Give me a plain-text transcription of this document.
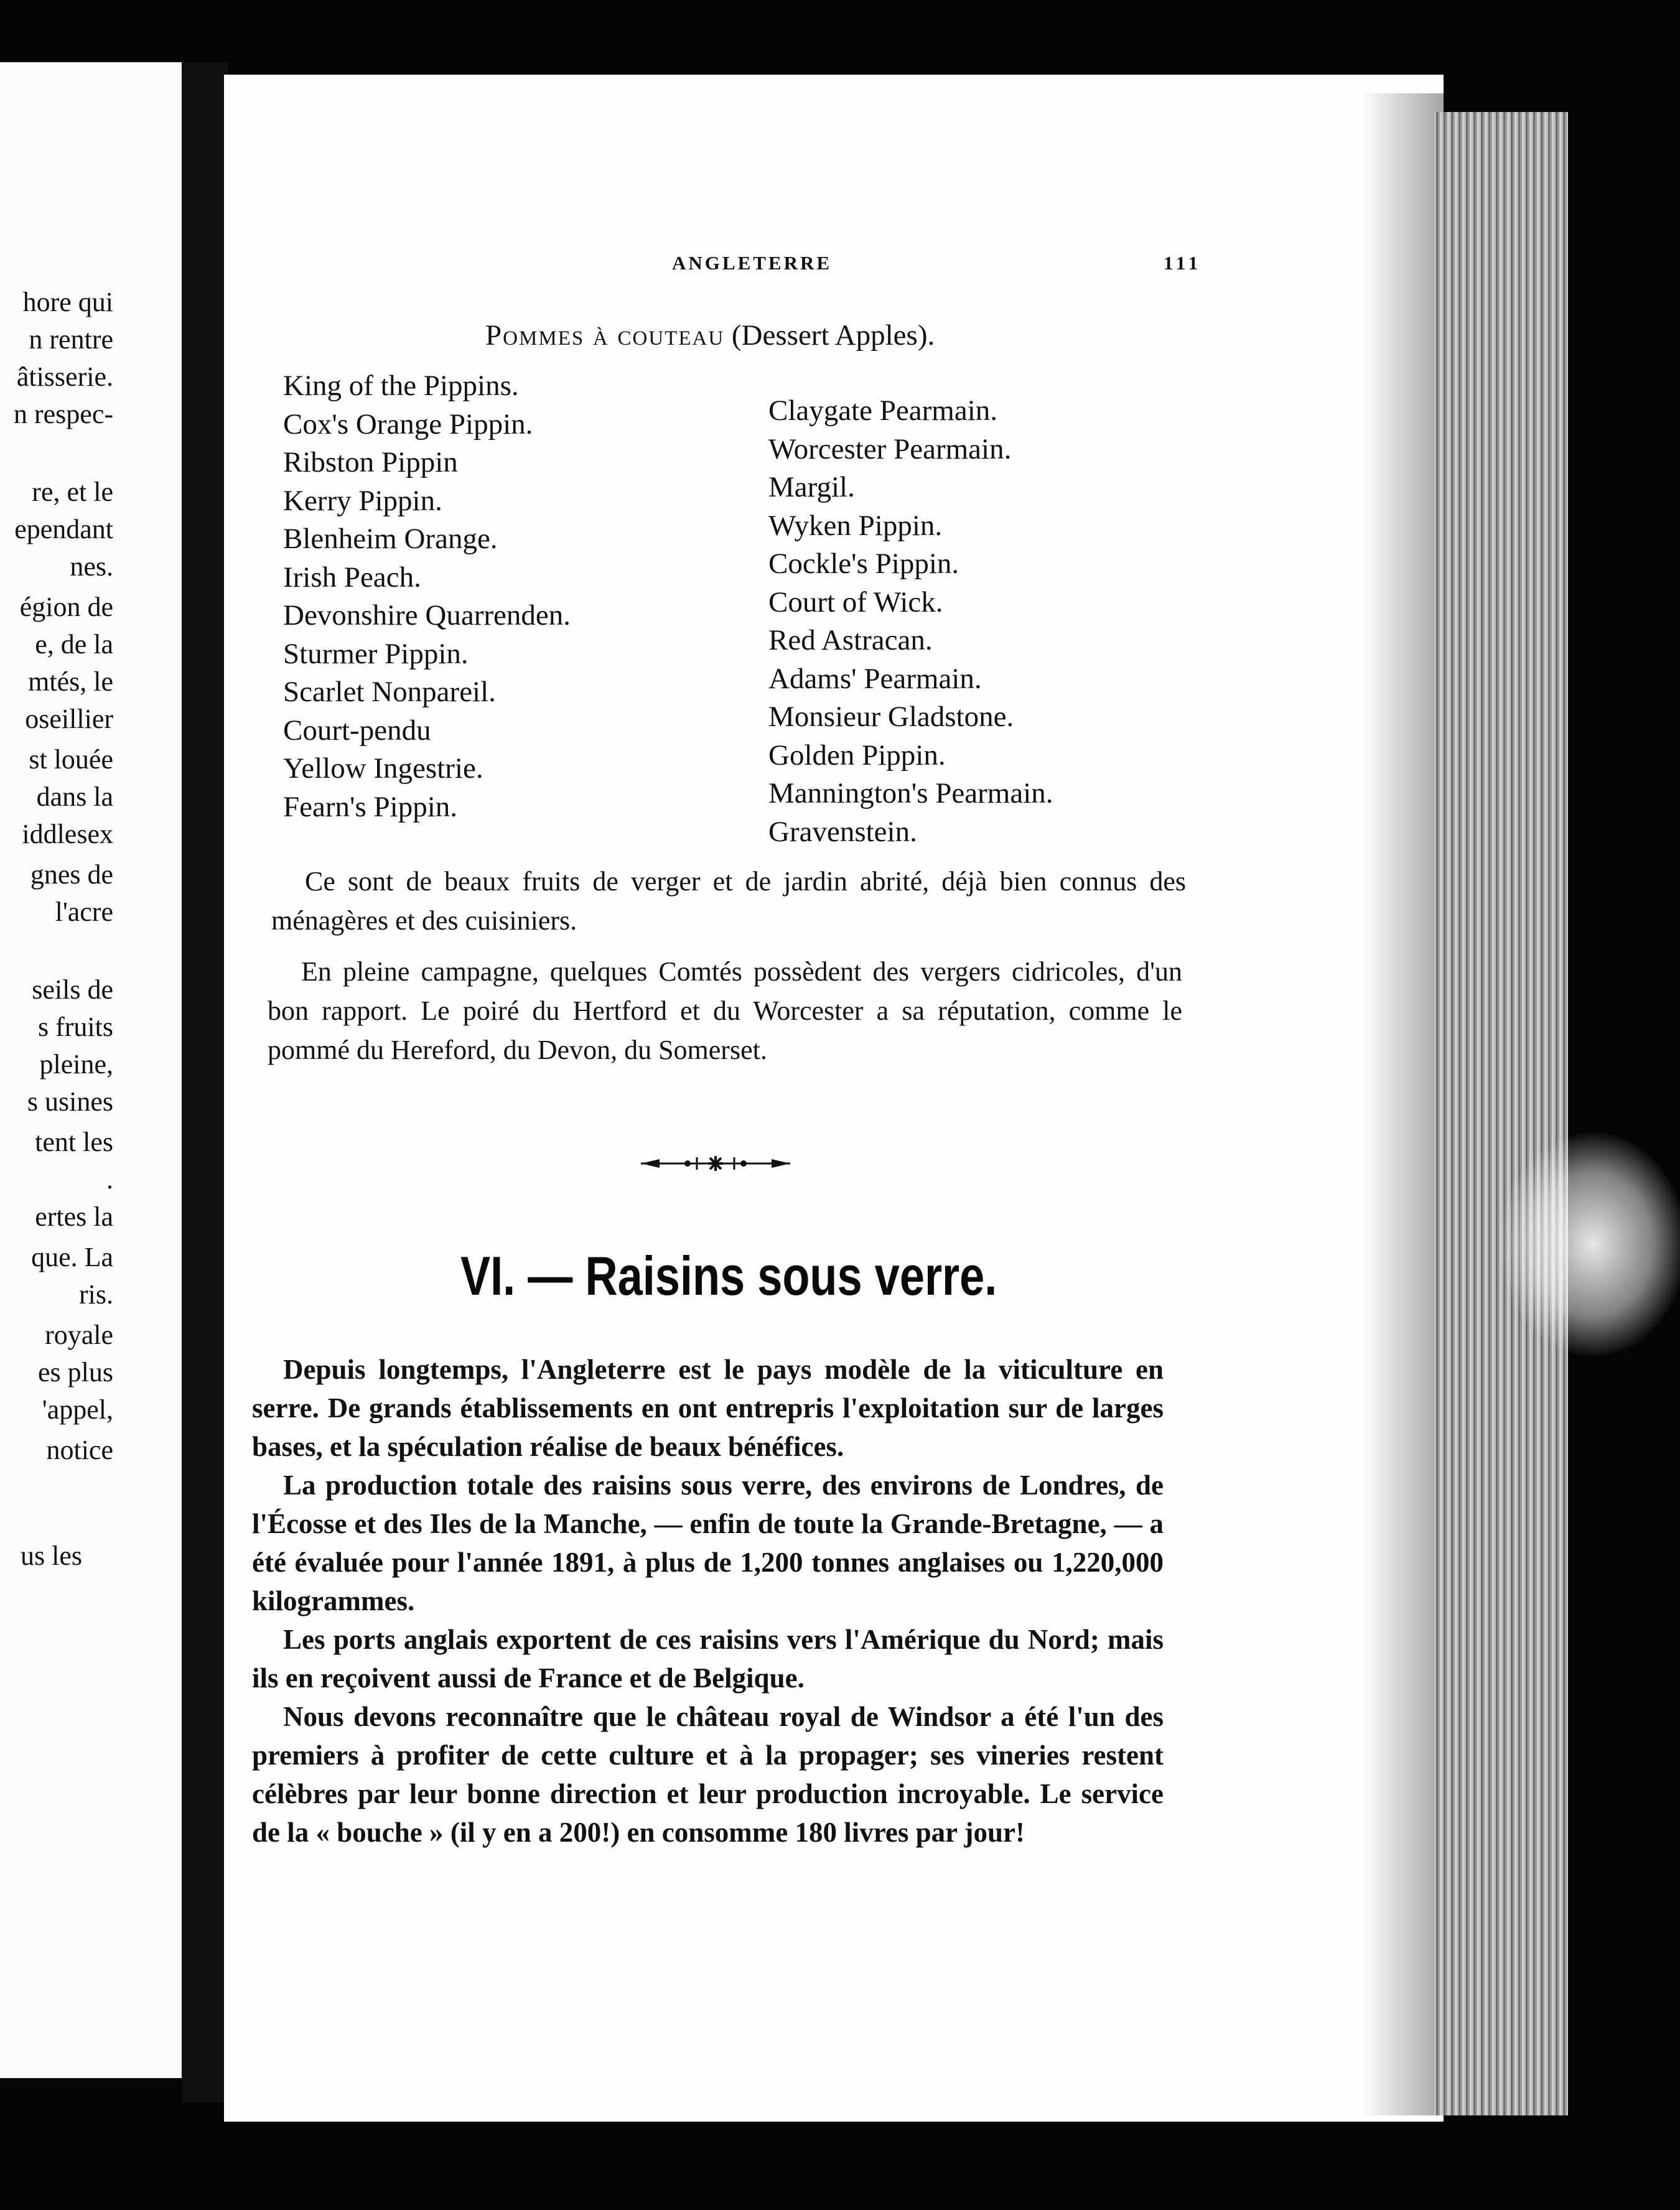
hore qui
n rentre
âtisserie.
n respec-
re, et le
ependant
nes.
égion de
e, de la
mtés, le
oseillier
st louée
dans la
iddlesex
gnes de
l'acre
seils de
s fruits
pleine,
s usines
tent les
.
ertes la
que. La
ris.
royale
es plus
'appel,
notice
us les
ANGLETERRE	111
Pommes à couteau (Dessert Apples).
King of the Pippins.
Cox's Orange Pippin.
Ribston Pippin
Kerry Pippin.
Blenheim Orange.
Irish Peach.
Devonshire Quarrenden.
Sturmer Pippin.
Scarlet Nonpareil.
Court-pendu
Yellow Ingestrie.
Fearn's Pippin.
Claygate Pearmain.
Worcester Pearmain.
Margil.
Wyken Pippin.
Cockle's Pippin.
Court of Wick.
Red Astracan.
Adams' Pearmain.
Monsieur Gladstone.
Golden Pippin.
Mannington's Pearmain.
Gravenstein.

Ce sont de beaux fruits de verger et de jardin abrité, déjà bien connus des ménagères et des cuisiniers.

En pleine campagne, quelques Comtés possèdent des vergers cidricoles, d'un bon rapport. Le poiré du Hertford et du Worcester a sa réputation, comme le pommé du Hereford, du Devon, du Somerset.

VI. — Raisins sous verre.

Depuis longtemps, l'Angleterre est le pays modèle de la viticulture en serre. De grands établissements en ont entrepris l'exploitation sur de larges bases, et la spéculation réalise de beaux bénéfices.

La production totale des raisins sous verre, des environs de Londres, de l'Écosse et des Iles de la Manche, — enfin de toute la Grande-Bretagne, — a été évaluée pour l'année 1891, à plus de 1,200 tonnes anglaises ou 1,220,000 kilogrammes.

Les ports anglais exportent de ces raisins vers l'Amérique du Nord; mais ils en reçoivent aussi de France et de Belgique.

Nous devons reconnaître que le château royal de Windsor a été l'un des premiers à profiter de cette culture et à la propager; ses vineries restent célèbres par leur bonne direction et leur production incroyable. Le service de la « bouche » (il y en a 200!) en consomme 180 livres par jour!
